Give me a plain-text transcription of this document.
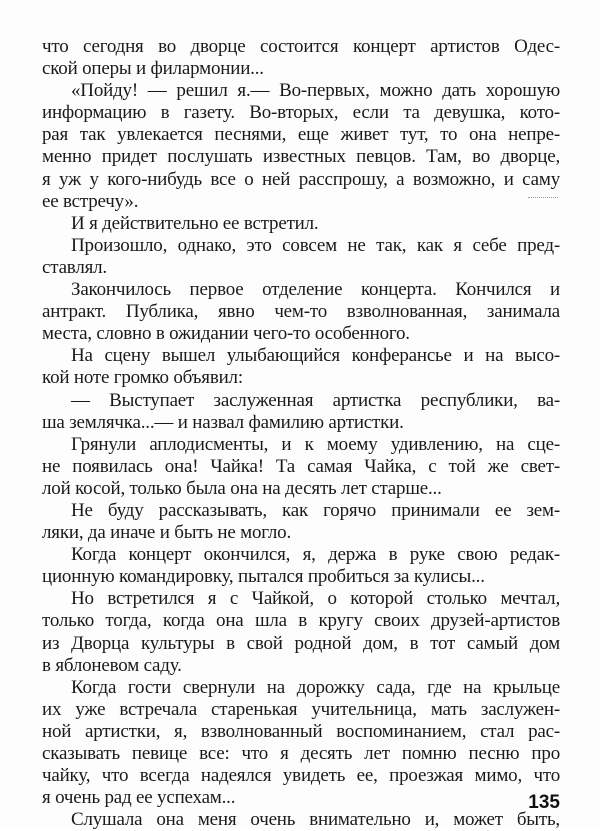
что сегодня во дворце состоится концерт артистов Одес-
ской оперы и филармонии...
«Пойду! — решил я.— Во-первых, можно дать хорошую
информацию в газету. Во-вторых, если та девушка, кото-
рая так увлекается песнями, еще живет тут, то она непре-
менно придет послушать известных певцов. Там, во дворце,
я уж у кого-нибудь все о ней расспрошу, а возможно, и саму
ее встречу».
И я действительно ее встретил.
Произошло, однако, это совсем не так, как я себе пред-
ставлял.
Закончилось первое отделение концерта. Кончился и
антракт. Публика, явно чем-то взволнованная, занимала
места, словно в ожидании чего-то особенного.
На сцену вышел улыбающийся конферансье и на высо-
кой ноте громко объявил:
— Выступает заслуженная артистка республики, ва-
ша землячка...— и назвал фамилию артистки.
Грянули аплодисменты, и к моему удивлению, на сце-
не появилась она! Чайка! Та самая Чайка, с той же свет-
лой косой, только была она на десять лет старше...
Не буду рассказывать, как горячо принимали ее зем-
ляки, да иначе и быть не могло.
Когда концерт окончился, я, держа в руке свою редак-
ционную командировку, пытался пробиться за кулисы...
Но встретился я с Чайкой, о которой столько мечтал,
только тогда, когда она шла в кругу своих друзей-артистов
из Дворца культуры в свой родной дом, в тот самый дом
в яблоневом саду.
Когда гости свернули на дорожку сада, где на крыльце
их уже встречала старенькая учительница, мать заслужен-
ной артистки, я, взволнованный воспоминанием, стал рас-
сказывать певице все: что я десять лет помню песню про
чайку, что всегда надеялся увидеть ее, проезжая мимо, что
я очень рад ее успехам...
Слушала она меня очень внимательно и, может быть,
135
